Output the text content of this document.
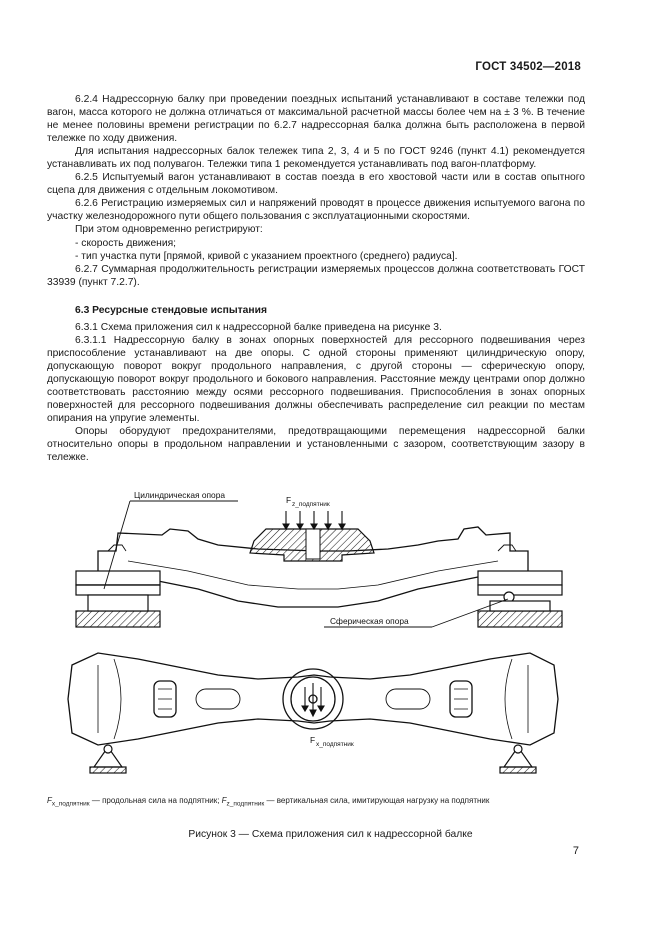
ГОСТ 34502—2018

6.2.4 Надрессорную балку при проведении поездных испытаний устанавливают в составе тележки под вагон, масса которого не должна отличаться от максимальной расчетной массы более чем на ± 3 %. В течение не менее половины времени регистрации по 6.2.7 надрессорная балка должна быть расположена в первой тележке по ходу движения.

Для испытания надрессорных балок тележек типа 2, 3, 4 и 5 по ГОСТ 9246 (пункт 4.1) рекомендуется устанавливать их под полувагон. Тележки типа 1 рекомендуется устанавливать под вагон-платформу.

6.2.5 Испытуемый вагон устанавливают в состав поезда в его хвостовой части или в состав опытного сцепа для движения с отдельным локомотивом.

6.2.6 Регистрацию измеряемых сил и напряжений проводят в процессе движения испытуемого вагона по участку железнодорожного пути общего пользования с эксплуатационными скоростями.

При этом одновременно регистрируют:

- скорость движения;

- тип участка пути [прямой, кривой с указанием проектного (среднего) радиуса].

6.2.7 Суммарная продолжительность регистрации измеряемых процессов должна соответствовать ГОСТ 33939 (пункт 7.2.7).

6.3 Ресурсные стендовые испытания

6.3.1 Схема приложения сил к надрессорной балке приведена на рисунке 3.

6.3.1.1 Надрессорную балку в зонах опорных поверхностей для рессорного подвешивания через приспособление устанавливают на две опоры. С одной стороны применяют цилиндрическую опору, допускающую поворот вокруг продольного направления, с другой стороны — сферическую опору, допускающую поворот вокруг продольного и бокового направления. Расстояние между центрами опор должно соответствовать расстоянию между осями рессорного подвешивания. Приспособления в зонах опорных поверхностей для рессорного подвешивания должны обеспечивать распределение сил реакции по местам опирания на упругие элементы.

Опоры оборудуют предохранителями, предотвращающими перемещения надрессорной балки относительно опоры в продольном направлении и установленными с зазором, соответствующим зазору в тележке.

F z_подпятник
Цилиндрическая опора
Сферическая опора
F x_подпятник
$F_{x\_подпятник}$ — продольная сила на подпятник; $F_{z\_подпятник}$ — вертикальная сила, имитирующая нагрузку на подпятник
Рисунок 3 — Схема приложения сил к надрессорной балке
7
